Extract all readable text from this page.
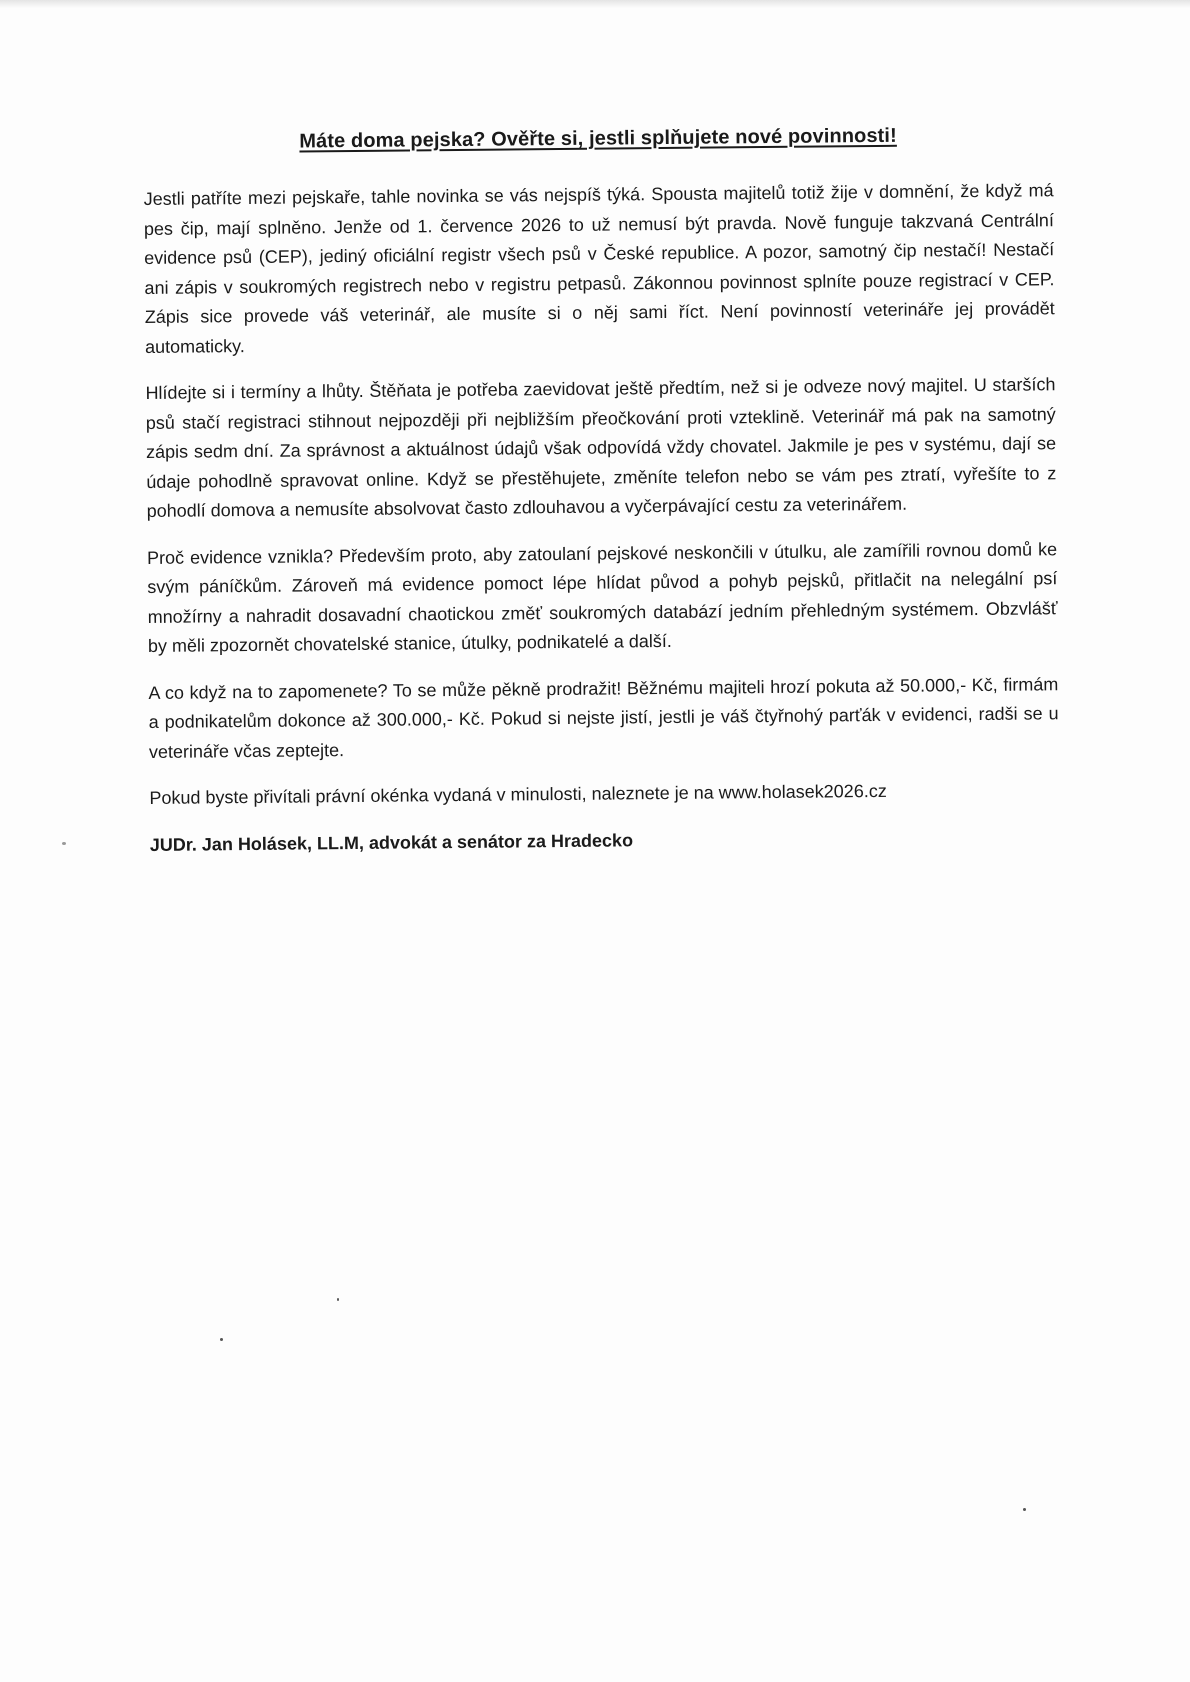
Máte doma pejska? Ověřte si, jestli splňujete nové povinnosti!

Jestli patříte mezi pejskaře, tahle novinka se vás nejspíš týká. Spousta majitelů totiž žije v domnění, že když má pes čip, mají splněno. Jenže od 1. července 2026 to už nemusí být pravda. Nově funguje takzvaná Centrální evidence psů (CEP), jediný oficiální registr všech psů v České republice. A pozor, samotný čip nestačí! Nestačí ani zápis v soukromých registrech nebo v registru petpasů. Zákonnou povinnost splníte pouze registrací v CEP. Zápis sice provede váš veterinář, ale musíte si o něj sami říct. Není povinností veterináře jej provádět automaticky.

Hlídejte si i termíny a lhůty. Štěňata je potřeba zaevidovat ještě předtím, než si je odveze nový majitel. U starších psů stačí registraci stihnout nejpozději při nejbližším přeočkování proti vzteklině. Veterinář má pak na samotný zápis sedm dní. Za správnost a aktuálnost údajů však odpovídá vždy chovatel. Jakmile je pes v systému, dají se údaje pohodlně spravovat online. Když se přestěhujete, změníte telefon nebo se vám pes ztratí, vyřešíte to z pohodlí domova a nemusíte absolvovat často zdlouhavou a vyčerpávající cestu za veterinářem.

Proč evidence vznikla? Především proto, aby zatoulaní pejskové neskončili v útulku, ale zamířili rovnou domů ke svým páníčkům. Zároveň má evidence pomoct lépe hlídat původ a pohyb pejsků, přitlačit na nelegální psí množírny a nahradit dosavadní chaotickou změť soukromých databází jedním přehledným systémem. Obzvlášť by měli zpozornět chovatelské stanice, útulky, podnikatelé a další.

A co když na to zapomenete? To se může pěkně prodražit! Běžnému majiteli hrozí pokuta až 50.000,- Kč, firmám a podnikatelům dokonce až 300.000,- Kč. Pokud si nejste jistí, jestli je váš čtyřnohý parťák v evidenci, radši se u veterináře včas zeptejte.

Pokud byste přivítali právní okénka vydaná v minulosti, naleznete je na www.holasek2026.cz

JUDr. Jan Holásek, LL.M, advokát a senátor za Hradecko
